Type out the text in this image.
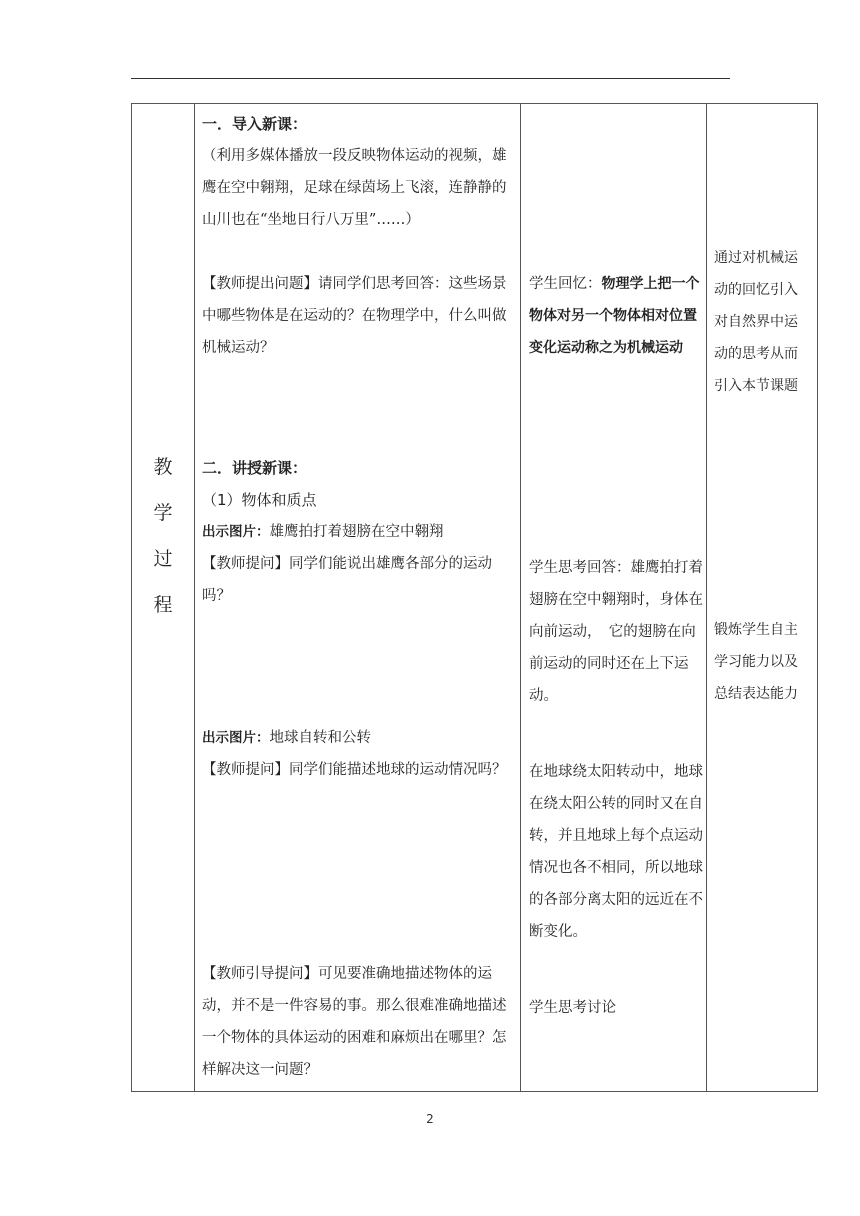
教
学
过
程

一．导入新课：

（利用多媒体播放一段反映物体运动的视频，雄鹰在空中翱翔，足球在绿茵场上飞滚，连静静的山川也在“坐地日行八万里”……）

【教师提出问题】请同学们思考回答：这些场景中哪些物体是在运动的？在物理学中，什么叫做机械运动？

二．讲授新课：

（1）物体和质点

出示图片：雄鹰拍打着翅膀在空中翱翔

【教师提问】同学们能说出雄鹰各部分的运动吗？

出示图片：地球自转和公转

【教师提问】同学们能描述地球的运动情况吗？

【教师引导提问】可见要准确地描述物体的运动，并不是一件容易的事。那么很难准确地描述一个物体的具体运动的困难和麻烦出在哪里？怎样解决这一问题？

学生回忆：物理学上把一个物体对另一个物体相对位置变化运动称之为机械运动

学生思考回答：雄鹰拍打着翅膀在空中翱翔时，身体在向前运动，　它的翅膀在向前运动的同时还在上下运动。

在地球绕太阳转动中，地球在绕太阳公转的同时又在自转，并且地球上每个点运动情况也各不相同，所以地球的各部分离太阳的远近在不断变化。

学生思考讨论

通过对机械运动的回忆引入对自然界中运动的思考从而引入本节课题

锻炼学生自主学习能力以及总结表达能力

2
